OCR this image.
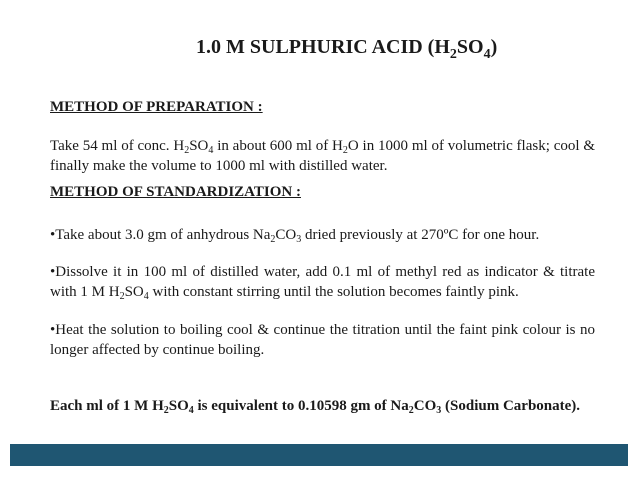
1.0 M SULPHURIC ACID $(H_2SO_4)$
METHOD OF PREPARATION :
Take 54 ml of conc. $H_2SO_4$ in about 600 ml of $H_2O$ in 1000 ml of volumetric flask; cool & finally make the volume to 1000 ml with distilled water.
METHOD OF STANDARDIZATION :
•Take about 3.0 gm of anhydrous $Na_2CO_3$ dried previously at 270ºC for one hour.
•Dissolve it in 100 ml of distilled water, add 0.1 ml of methyl red as indicator & titrate with 1 M $H_2SO_4$ with constant stirring until the solution becomes faintly pink.
•Heat the solution to boiling cool & continue the titration until the faint pink colour is no longer affected by continue boiling.
Each ml of 1 M $H_2SO_4$ is equivalent to 0.10598 gm of $Na_2CO_3$ (Sodium Carbonate).
